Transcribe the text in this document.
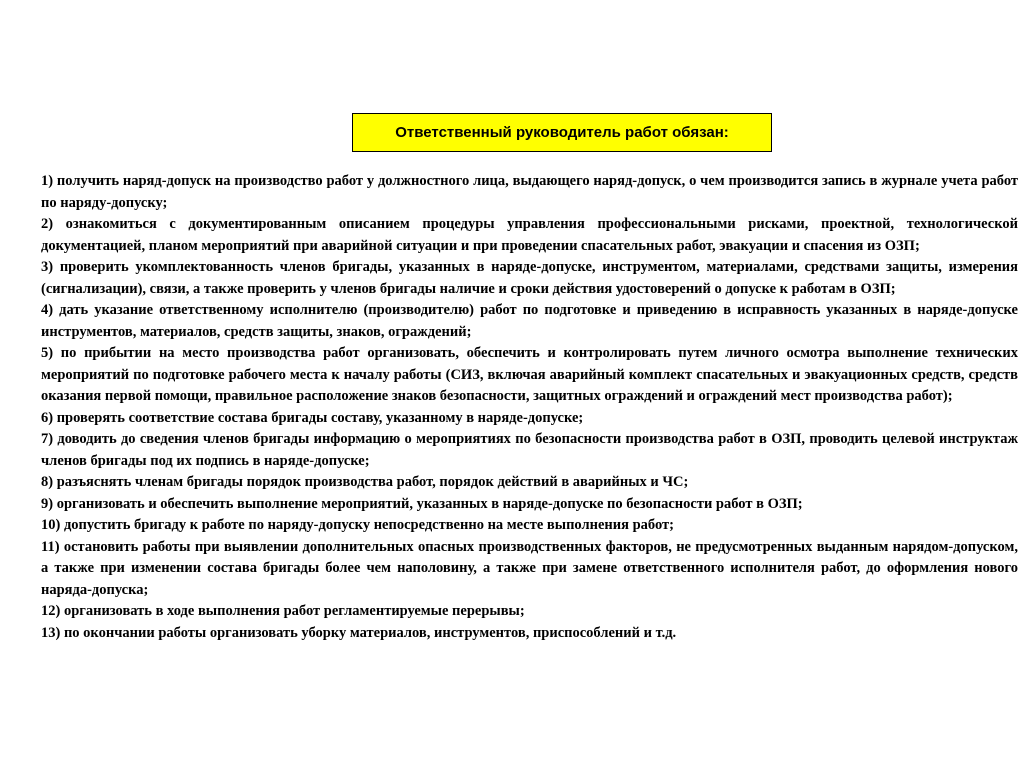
Ответственный руководитель работ обязан:

1) получить наряд-допуск на производство работ у должностного лица, выдающего наряд-допуск, о чем производится запись в журнале учета работ по наряду-допуску;

2) ознакомиться с документированным описанием процедуры управления профессиональными рисками, проектной, технологической документацией, планом мероприятий при аварийной ситуации и при проведении спасательных работ, эвакуации и спасения из ОЗП;

3) проверить укомплектованность членов бригады, указанных в наряде-допуске, инструментом, материалами, средствами защиты, измерения (сигнализации), связи, а также проверить у членов бригады наличие и сроки действия удостоверений о допуске к работам в ОЗП;

4) дать указание ответственному исполнителю (производителю) работ по подготовке и приведению в исправность указанных в наряде-допуске инструментов, материалов, средств защиты, знаков, ограждений;

5) по прибытии на место производства работ организовать, обеспечить и контролировать путем личного осмотра выполнение технических мероприятий по подготовке рабочего места к началу работы (СИЗ, включая аварийный комплект спасательных и эвакуационных средств, средств оказания первой помощи, правильное расположение знаков безопасности, защитных ограждений и ограждений мест производства работ);

6) проверять соответствие состава бригады составу, указанному в наряде-допуске;

7) доводить до сведения членов бригады информацию о мероприятиях по безопасности производства работ в ОЗП, проводить целевой инструктаж членов бригады под их подпись в наряде-допуске;

8) разъяснять членам бригады порядок производства работ, порядок действий в аварийных и ЧС;

9) организовать и обеспечить выполнение мероприятий, указанных в наряде-допуске по безопасности работ в ОЗП;

10) допустить бригаду к работе по наряду-допуску непосредственно на месте выполнения работ;

11) остановить работы при выявлении дополнительных опасных производственных факторов, не предусмотренных выданным нарядом-допуском, а также при изменении состава бригады более чем наполовину, а также при замене ответственного исполнителя работ, до оформления нового наряда-допуска;

12) организовать в ходе выполнения работ регламентируемые перерывы;

13) по окончании работы организовать уборку материалов, инструментов, приспособлений и т.д.
